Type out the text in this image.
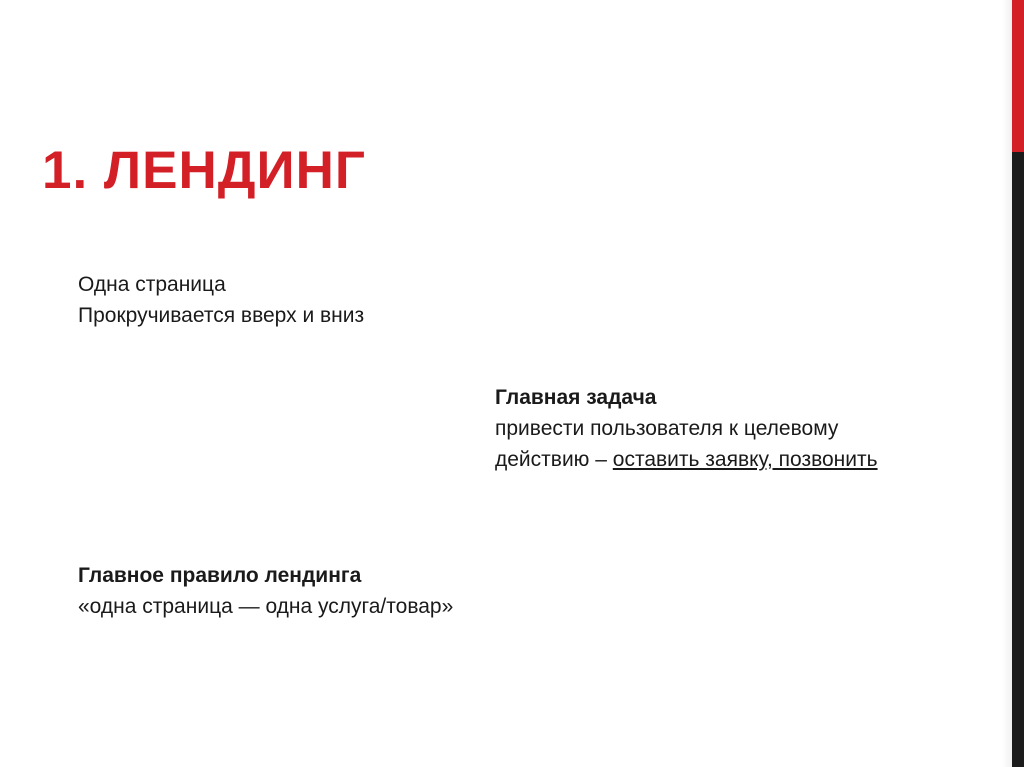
1. ЛЕНДИНГ

Одна страница

Прокручивается вверх и вниз

Главная задача

привести пользователя к целевому

действию – оставить заявку, позвонить

Главное правило лендинга

«одна страница — одна услуга/товар»
